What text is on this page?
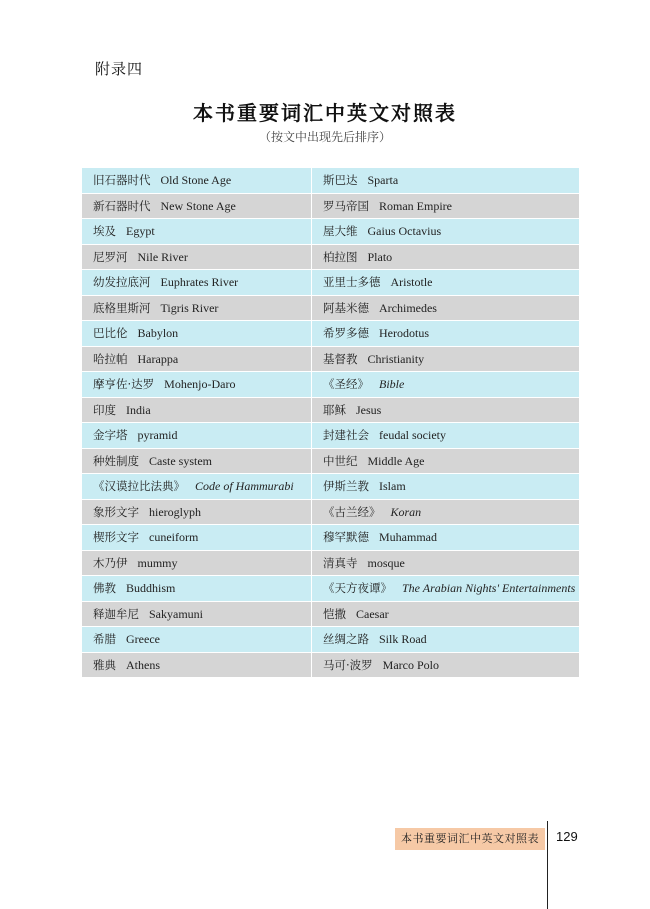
附录四
本书重要词汇中英文对照表
（按文中出现先后排序）
旧石器时代 Old Stone Age	斯巴达 Sparta
新石器时代 New Stone Age	罗马帝国 Roman Empire
埃及 Egypt	屋大维 Gaius Octavius
尼罗河 Nile River	柏拉图 Plato
幼发拉底河 Euphrates River	亚里士多德 Aristotle
底格里斯河 Tigris River	阿基米德 Archimedes
巴比伦 Babylon	希罗多德 Herodotus
哈拉帕 Harappa	基督教 Christianity
摩亨佐·达罗 Mohenjo-Daro	《圣经》 Bible
印度 India	耶稣 Jesus
金字塔 pyramid	封建社会 feudal society
种姓制度 Caste system	中世纪 Middle Age
《汉谟拉比法典》 Code of Hammurabi	伊斯兰教 Islam
象形文字 hieroglyph	《古兰经》 Koran
楔形文字 cuneiform	穆罕默德 Muhammad
木乃伊 mummy	清真寺 mosque
佛教 Buddhism	《天方夜谭》 The Arabian Nights' Entertainments
释迦牟尼 Sakyamuni	恺撒 Caesar
希腊 Greece	丝绸之路 Silk Road
雅典 Athens	马可·波罗 Marco Polo
本书重要词汇中英文对照表	129
